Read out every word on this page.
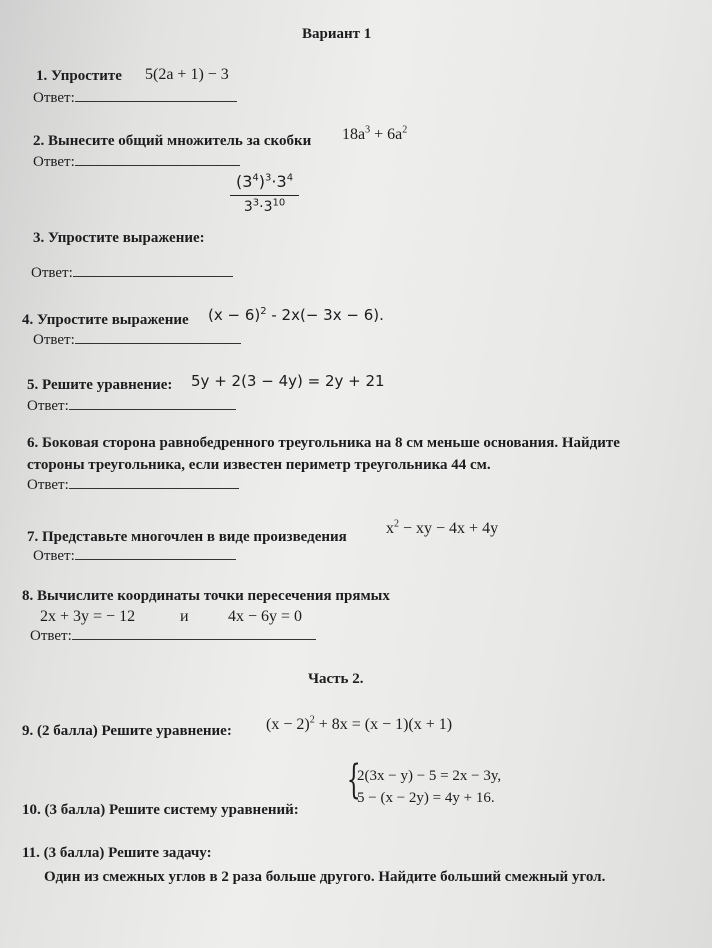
Вариант 1
1. Упростите 5(2a + 1) − 3
Ответ:
2. Вынесите общий множитель за скобки $18a^3 + 6a^2$
Ответ:
3. Упростите выражение:
$\frac{(3^4)^3\cdot 3^4}{3^3\cdot 3^{10}}$
Ответ:
4. Упростите выражение $(x - 6)^2 - 2x(- 3x - 6)$.
Ответ:
5. Решите уравнение: 5y + 2(3 − 4y) = 2y + 21
Ответ:
6. Боковая сторона равнобедренного треугольника на 8 см меньше основания. Найдите
стороны треугольника, если известен периметр треугольника 44 см.
Ответ:
7. Представьте многочлен в виде произведения $x^2$ − xy − 4x + 4y
Ответ:
8. Вычислите координаты точки пересечения прямых
2x + 3y = − 12	и 4x − 6y = 0
Ответ:
Часть 2.
9. (2 балла) Решите уравнение: $(x - 2)^2 + 8x = (x - 1)(x + 1)$
10. (3 балла) Решите систему уравнений:
{
2(3x − y) − 5 = 2x − 3y,
5 − (x − 2y) = 4y + 16.
11. (3 балла) Решите задачу:
Один из смежных углов в 2 раза больше другого. Найдите больший смежный угол.
